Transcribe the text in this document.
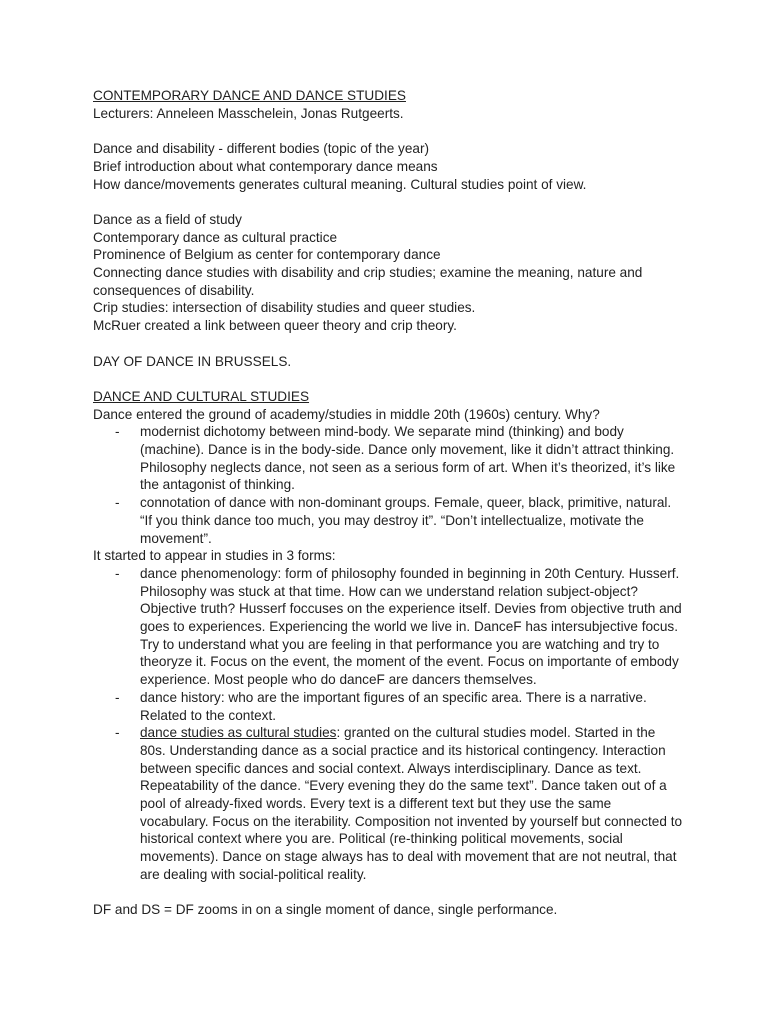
CONTEMPORARY DANCE AND DANCE STUDIES
Lecturers: Anneleen Masschelein, Jonas Rutgeerts.
Dance and disability - different bodies (topic of the year)
Brief introduction about what contemporary dance means
How dance/movements generates cultural meaning. Cultural studies point of view.
Dance as a field of study
Contemporary dance as cultural practice
Prominence of Belgium as center for contemporary dance
Connecting dance studies with disability and crip studies; examine the meaning, nature and
consequences of disability.
Crip studies: intersection of disability studies and queer studies.
McRuer created a link between queer theory and crip theory.
DAY OF DANCE IN BRUSSELS.
DANCE AND CULTURAL STUDIES
Dance entered the ground of academy/studies in middle 20th (1960s) century. Why?
- modernist dichotomy between mind-body. We separate mind (thinking) and body (machine). Dance is in the body-side. Dance only movement, like it didn’t attract thinking. Philosophy neglects dance, not seen as a serious form of art. When it’s theorized, it’s like the antagonist of thinking.
- connotation of dance with non-dominant groups. Female, queer, black, primitive, natural. “If you think dance too much, you may destroy it”. “Don’t intellectualize, motivate the movement”.
It started to appear in studies in 3 forms:
- dance phenomenology: form of philosophy founded in beginning in 20th Century. Husserf. Philosophy was stuck at that time. How can we understand relation subject-object? Objective truth? Husserf foccuses on the experience itself. Devies from objective truth and goes to experiences. Experiencing the world we live in. DanceF has intersubjective focus. Try to understand what you are feeling in that performance you are watching and try to theoryze it. Focus on the event, the moment of the event. Focus on importante of embody experience. Most people who do danceF are dancers themselves.
- dance history: who are the important figures of an specific area. There is a narrative. Related to the context.
- dance studies as cultural studies: granted on the cultural studies model. Started in the 80s. Understanding dance as a social practice and its historical contingency. Interaction between specific dances and social context. Always interdisciplinary. Dance as text. Repeatability of the dance. “Every evening they do the same text”. Dance taken out of a pool of already-fixed words. Every text is a different text but they use the same vocabulary. Focus on the iterability. Composition not invented by yourself but connected to historical context where you are. Political (re-thinking political movements, social movements). Dance on stage always has to deal with movement that are not neutral, that are dealing with social-political reality.
DF and DS = DF zooms in on a single moment of dance, single performance.
